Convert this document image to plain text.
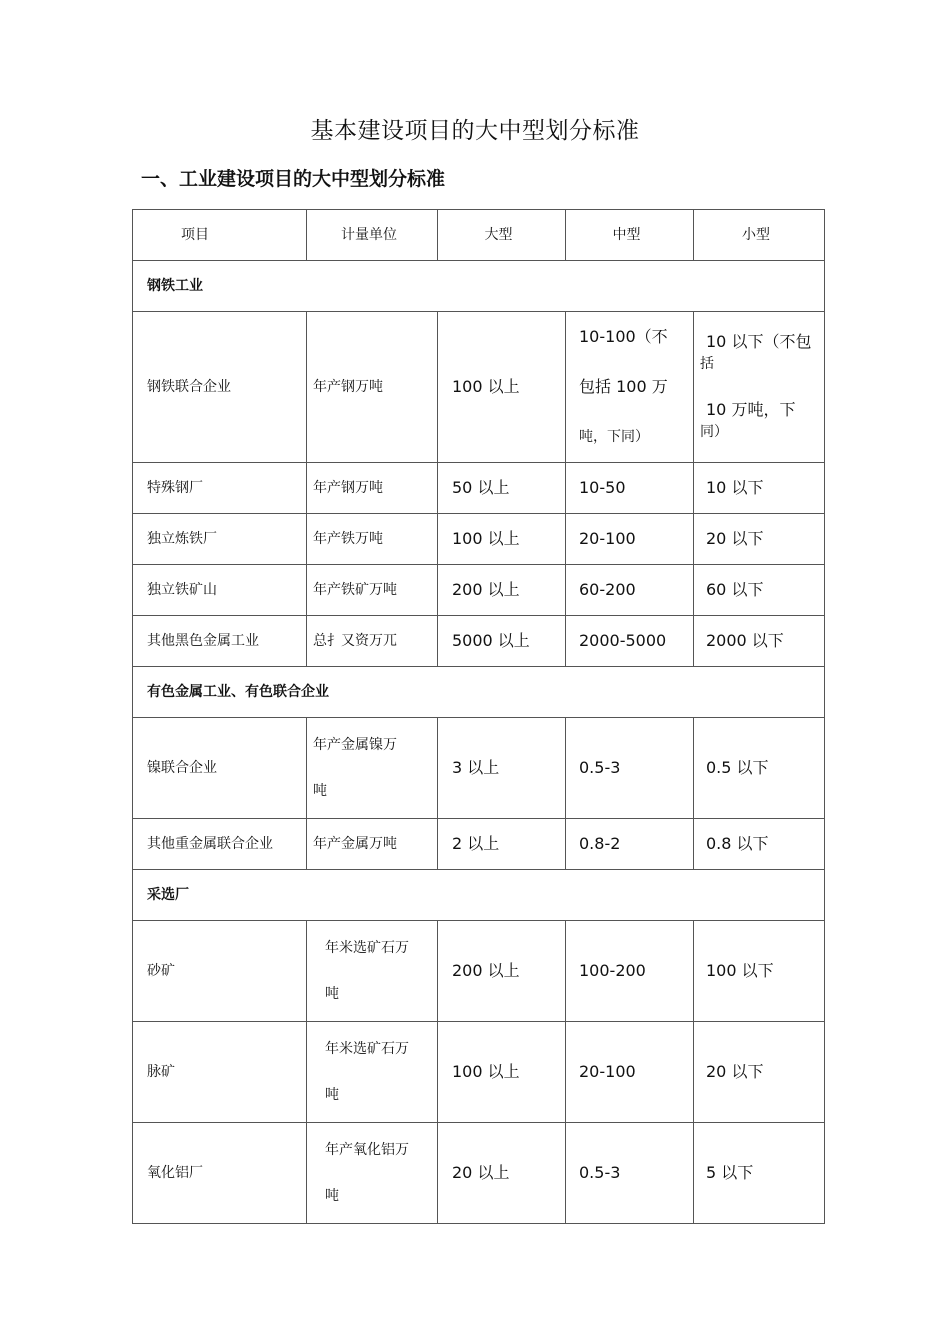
基本建设项目的大中型划分标准
一、工业建设项目的大中型划分标准
项目	计量单位	大型	中型	小型

钢铁工业				

钢铁联合企业	年产钢万吨	100 以上	10-100（不
包括 100 万
吨，下同）	10 以下（不包
括
10 万吨，下
同）

特殊钢厂	年产钢万吨	50 以上	10-50	10 以下

独立炼铁厂	年产铁万吨	100 以上	20-100	20 以下

独立铁矿山	年产铁矿万吨	200 以上	60-200	60 以下

其他黑色金属工业	总扌又资万兀	5000 以上	2000-5000	2000 以下

有色金属工业、有色联合企业				

镍联合企业	年产金属镍万
吨	3 以上	0.5-3	0.5 以下

其他重金属联合企业	年产金属万吨	2 以上	0.8-2	0.8 以下

采选厂				

砂矿	年米选矿石万
吨	200 以上	100-200	100 以下

脉矿	年米选矿石万
吨	100 以上	20-100	20 以下

氧化铝厂	年产氧化铝万
吨	20 以上	0.5-3	5 以下
